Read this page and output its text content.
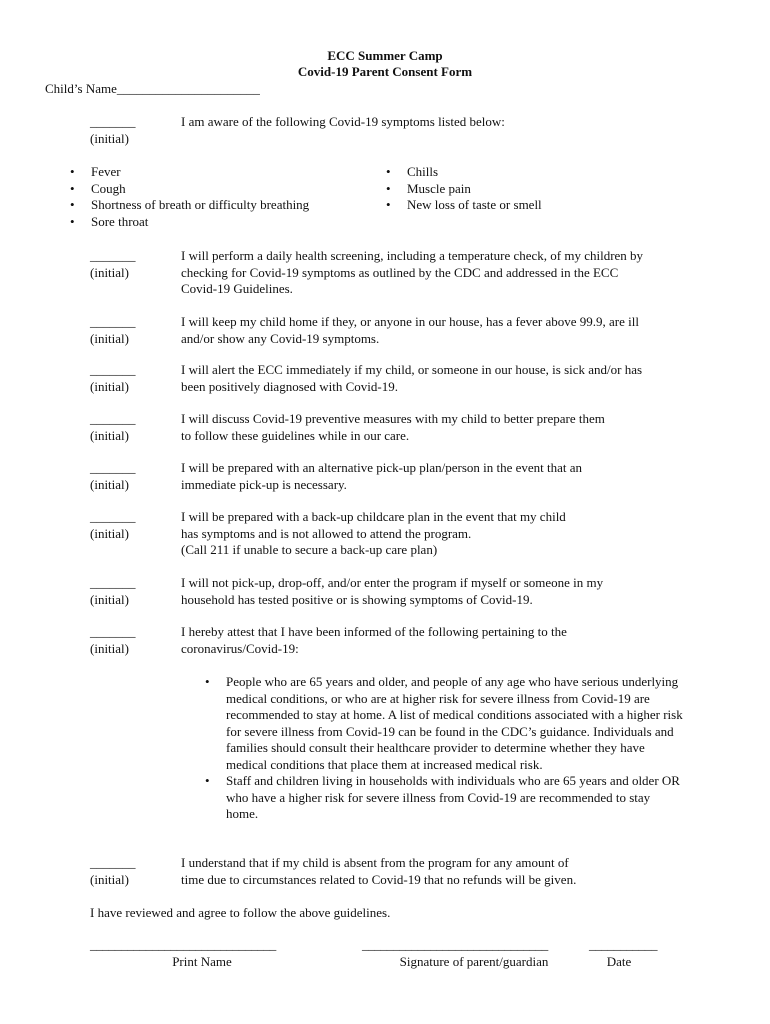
ECC Summer Camp
Covid-19 Parent Consent Form
Child’s Name______________________
_______
(initial)
I am aware of the following Covid-19 symptoms listed below:
• Fever
• Cough
• Shortness of breath or difficulty breathing
• Sore throat
• Chills
• Muscle pain
• New loss of taste or smell
_______
(initial)
I will perform a daily health screening, including a temperature check, of my children by
checking for Covid-19 symptoms as outlined by the CDC and addressed in the ECC
Covid-19 Guidelines.
_______
(initial)
I will keep my child home if they, or anyone in our house, has a fever above 99.9, are ill
and/or show any Covid-19 symptoms.
_______
(initial)
I will alert the ECC immediately if my child, or someone in our house, is sick and/or has
been positively diagnosed with Covid-19.
_______
(initial)
I will discuss Covid-19 preventive measures with my child to better prepare them
to follow these guidelines while in our care.
_______
(initial)
I will be prepared with an alternative pick-up plan/person in the event that an
immediate pick-up is necessary.
_______
(initial)
I will be prepared with a back-up childcare plan in the event that my child
has symptoms and is not allowed to attend the program.
(Call 211 if unable to secure a back-up care plan)
_______
(initial)
I will not pick-up, drop-off, and/or enter the program if myself or someone in my
household has tested positive or is showing symptoms of Covid-19.
_______
(initial)
I hereby attest that I have been informed of the following pertaining to the
coronavirus/Covid-19:
• People who are 65 years and older, and people of any age who have serious underlying medical conditions, or who are at higher risk for severe illness from Covid-19 are recommended to stay at home. A list of medical conditions associated with a higher risk for severe illness from Covid-19 can be found in the CDC’s guidance. Individuals and families should consult their healthcare provider to determine whether they have medical conditions that place them at increased medical risk.
• Staff and children living in households with individuals who are 65 years and older OR who have a higher risk for severe illness from Covid-19 are recommended to stay home.
_______
(initial)
I understand that if my child is absent from the program for any amount of
time due to circumstances related to Covid-19 that no refunds will be given.
I have reviewed and agree to follow the above guidelines.
______________________________	______________________________	___________
Print Name	Signature of parent/guardian	Date
